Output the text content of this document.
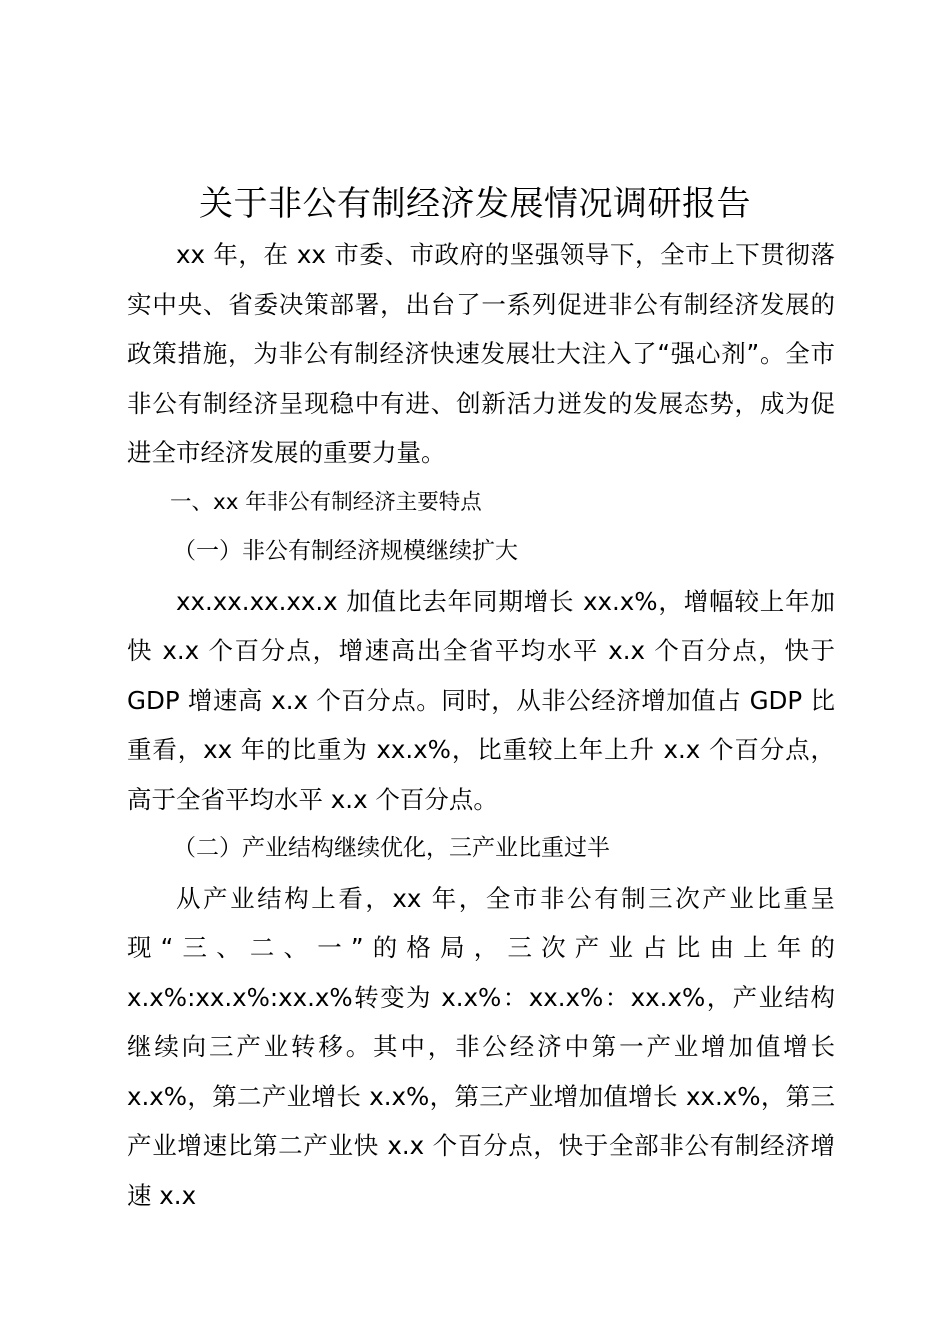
关于非公有制经济发展情况调研报告

xx 年，在 xx 市委、市政府的坚强领导下，全市上下贯彻落实中央、省委决策部署，出台了一系列促进非公有制经济发展的政策措施，为非公有制经济快速发展壮大注入了“强心剂”。全市非公有制经济呈现稳中有进、创新活力迸发的发展态势，成为促进全市经济发展的重要力量。

一、xx 年非公有制经济主要特点

（一）非公有制经济规模继续扩大

xx.xx.xx.xx.x 加值比去年同期增长 xx.x%，增幅较上年加快 x.x 个百分点，增速高出全省平均水平 x.x 个百分点，快于 GDP 增速高 x.x 个百分点。同时，从非公经济增加值占 GDP 比重看，xx 年的比重为 xx.x%，比重较上年上升 x.x 个百分点，高于全省平均水平 x.x 个百分点。

（二）产业结构继续优化，三产业比重过半

从产业结构上看，xx 年，全市非公有制三次产业比重呈现“三、二、一”的格局，三次产业占比由上年的 x.x%:xx.x%:xx.x%转变为 x.x%：xx.x%：xx.x%，产业结构继续向三产业转移。其中，非公经济中第一产业增加值增长 x.x%，第二产业增长 x.x%，第三产业增加值增长 xx.x%，第三产业增速比第二产业快 x.x 个百分点，快于全部非公有制经济增速 x.x
